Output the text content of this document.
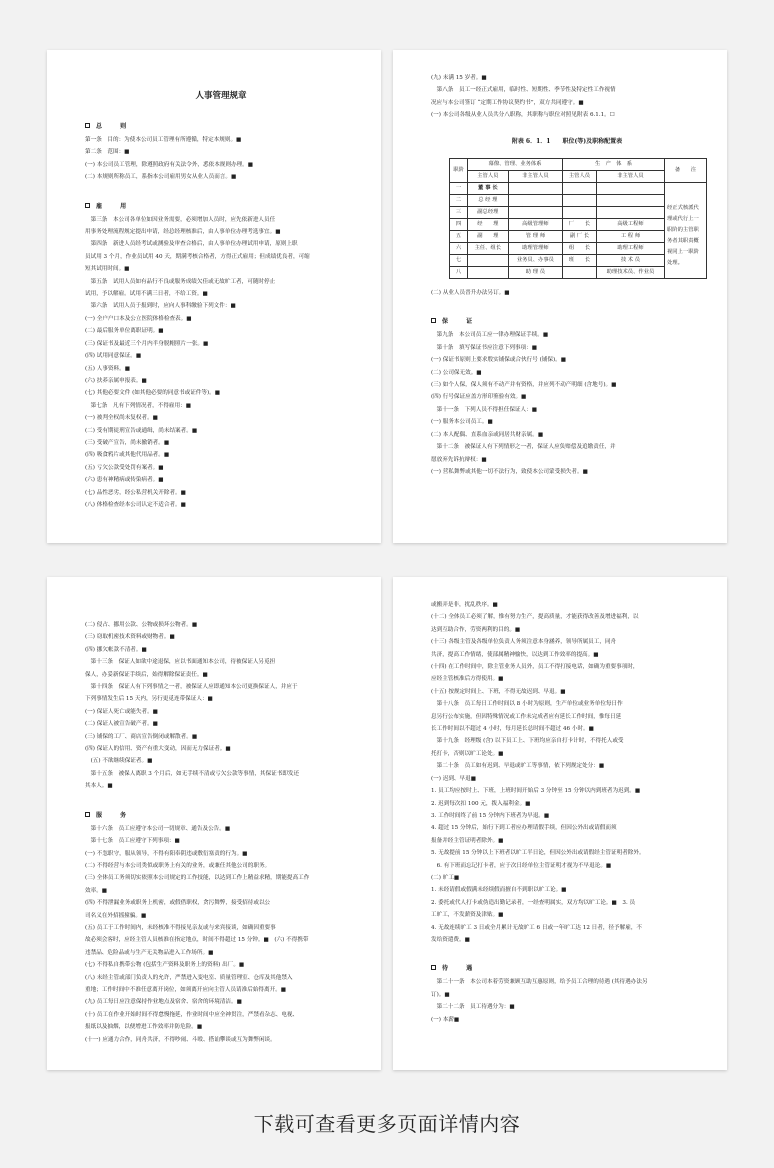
人事管理规章
总 则
第一条　目的：为使本公司员工管理有所遵循，特定本规则。■
第二条　范围：■
(一) 本公司员工管理，除遵照政府有关法令外，悉依本规则办理。■
(二) 本规则所称员工，系指本公司雇用男女从业人员而言。■
雇 用
　第三条　本公司各单位如因业务需要，必须增加人员时，应先依新进人员任
用事务处理流程规定提出申请，经总经理核准后，由人事单位办理考选事宜。■
　第四条　新进人员经考试或测验及审查合格后，由人事单位办理试用申请，原则上职
员试用 3 个月，作业员试用 40 天，期满考核合格者，方得正式雇用；但成绩优良者，可缩
短其试用时间。■
　第五条　试用人员如有品行不良或服务成绩欠佳或无故旷工者，可随时停止
试用，予以解雇。试用不满三日者，不给工资。■
　第六条　试用人员于报到时，应向人事科缴验下列文件：■
(一) 全户户口本及公立医院体格检查表。■
(二) 最后服务单位离职证明。■
(三) 保证书及最近三个月内半身脱帽照片一张。■
(四) 试用同意保证。■
(五) 人事资料。■
(六) 扶养亲属申报表。■
(七) 其他必要文件 (如其他必要的同意书或证件等)。■
　第七条　凡有下列情况者，不得雇用：■
(一) 被判全权尚未复权者。■
(二) 受有期徒刑宣告或通缉，尚未结案者。■
(三) 受破产宣告，尚未撤销者。■
(四) 吸食鸦片或其他代用品者。■
(五) 亏欠公款受处罚有案者。■
(六) 患有神精病或传染病者。■
(七) 品性恶劣，经公私营机关开除者。■
(八) 体格检查经本公司认定不适合者。■
(九) 未满 15 岁者。■
　第八条　员工一经正式雇用，临时性、短期性、季节性及特定性工作视情
况应与本公司签订 “定期工作协议契约书”，双方共同遵守。■
(一) 本公司各级从业人员共分八职称，其职称与职位对照见附表 6.1.1。☐
附表 6．1．1　　职位(等)及职称配置表
职阶	幕僚、管理、业务体系		生　产　体　系		备　　注
	主管人员	非主管人员	主管人员	非主管人员	
一	董 事 长				经正式核派代理或代行上一职阶的主管职务者其职责概视同上一职阶处理。
二	总 经 理				
三	副总经理				
四	经　　理	高级管理师	厂　　长	高级工程师	
五	副　　理	管 理 师	副 厂 长	工 程 师	
六	主任、组长	助理管理师	组　　长	助理工程师	
七		业务员、办事员	班　　长	技 术 员	
八		助 理 员		助理技术员、作业员	
(二) 从业人员晋升办法另订。■
保 证
　第九条　本公司员工应一律办理保证手续。■
　第十条　填写保证书应注意下列事项：■
(一) 保证书原则上要求殷实铺保或合伙行号 (铺保)。■
(二) 公司保无效。■
(三) 如个人保，保人须有不动产并有资格，并应列不动产明细 (含地号)。■
(四) 行号保证应盖方形印鉴验有效。■
　第十一条　下列人员不得担任保证人：■
(一) 服务本公司员工。■
(二) 本人配偶、直系血亲或同居共财亲属。■
　第十二条　被保证人有下列情形之一者，保证人应负赔偿及追缴责任，并
愿放弃先诉抗辩权：■
(一) 营私舞弊或其他一切不法行为，致使本公司蒙受损失者。■
(二) 侵占、挪用公款、公物或损坏公物者。■
(三) 窃取机密技术资料或财物者。■
(四) 挪欠帐款不清者。■
　第十三条　保证人如欲中途退保，应以书面通知本公司，待被保证人另觅担
保人，办妥新保证手续后，始得解除保证责任。■
　第十四条　保证人有下列事情之一者，被保证人应即通知本公司更换保证人，并应于
下列事情发生后 15 天内，另行更觅连带保证人：■
(一) 保证人死亡或能失者。■
(二) 保证人被宣告破产者。■
(三) 铺保的工厂、商店宣告倒闭或解散者。■
(四) 保证人的信用、资产有重大变动，因而无力保证者。■
　(五) 不欲继续保证者。■
　第十五条　被保人离职 3 个月后，如无手续不清或亏欠公款等事情，其保证书即发还
其本人。■
服 务
　第十六条　员工应遵守本公司一切规章、通告及公告。■
　第十七条　员工应遵守下列事项：■
(一) 不忽职守，服从领导，不得有阳奉阴违或敷衍塞责的行为。■
(二) 不得经营与本公司类似或职务上有关的业务，或兼任其他公司的职务。
(三) 全体员工务须切实依照本公司规定的工作技能，以达到工作上精益求精，期能提高工作
效率。■
(四) 不得泄漏业务或职务上机密，或假借职权，贪污舞弊，接受招待或以公
司名义在外招摇撞骗。■
(五) 员工于工作时间内，未经核准不得接见亲友或与来宾接谈，如确因重要事
故必须会客时，应经主管人员核准在指定地点，时间不得超过 15 分钟。■　(六) 不得携带
违禁品、危险品或与生产无关物品进入工作场所。■
(七) 不得私自携带公物 (包括生产资料及职务上的资料) 出厂。■
(八) 未经主管或部门负责人的允许，严禁进入变电室、质量管理室、仓库及其他禁入
重地；工作时间中不准任意离开岗位，如须离开应向主管人员请准后始得离开。■
(九) 员工每日应注意保持作业地点及宿舍、宿舍的环境清洁。■
(十) 员工在作业开始时间不得怠慢拖延，作业时间中应全神贯注，严禁看杂志、电视、
报纸以及抽烟，以便增进工作效率并防危险。■
(十一) 应通力合作，同舟共济，不得吵闹、斗殴、搭讪攀谈或互为舞弊闲谈。
或搬弄是非，扰乱秩序。■
(十二) 全体员工必须了解，惟有努力生产，提高质量，才能获得改善及增进福利，以
达到互助合作，劳资两利的目的。■
(十三) 各级主管及各级单位负责人务须注意本身涵养，领导所属员工，同舟
共济，提高工作情绪，使部属精神愉快，以达到工作效率的提高。■
(十四) 在工作时间中，除主管业务人员外，员工不得打接电话，如确为重要事项时，
应经主管核准后方得使用。■
(十五) 按规定时间上、下班，不得无故迟到、早退。■
　第十八条　员工每日工作时间以 8 小时为原则，生产单位或业务单位每日作
息另行公布实施，但因特殊情况或工作未完成者应有延长工作时间，惟每日延
长工作时间以不超过 4 小时，每月延长总时间不超过 46 小时。■
　第十九条　经理级 (含) 以下员工上、下班均应亲自打卡计时，不得托人或受
托打卡，否则以旷工论处。■
　第二十条　员工如有迟到、早退或旷工等事情，依下列规定处分：■
(一) 迟到、早退■
1. 员工均应按时上、下班，上班时间开始后 3 分钟至 15 分钟以内到班者为迟到。■
2. 迟到每次扣 100 元，拨入福利金。■
3. 工作时间终了前 15 分钟内下班者为早退。■
4. 超过 15 分钟后，始行下到工者应办理请假手续，但因公外出或请假而须
报备并经主管证明者除外。■
5. 无故提前 15 分钟以上下班者以旷工半日论，但因公外出或请假经主管证明者除外。
　6. 有下班而忘记打卡者，应于次日经单位主管证明才视为不早退论。■
(二) 旷工■
1. 未经请假或假满未经续假而擅自不到职以旷工论。■
2. 委托或代人打卡或伪造出勤记录者，一经查明属实，双方均以旷工论。■　3. 员
工旷工，不发薪资及津贴。■
4. 无故连续旷工 3 日或全月累计无故旷工 6 日或一年旷工达 12 日者，径予解雇，不
发给资遣费。■
待 遇
　第二十一条　本公司本着劳资兼顾互助互惠原则，给予员工合理的待遇 (其待遇办法另
订)。■
　第二十二条　员工待遇分为：■
(一) 本薪■
下载可查看更多页面详情内容
